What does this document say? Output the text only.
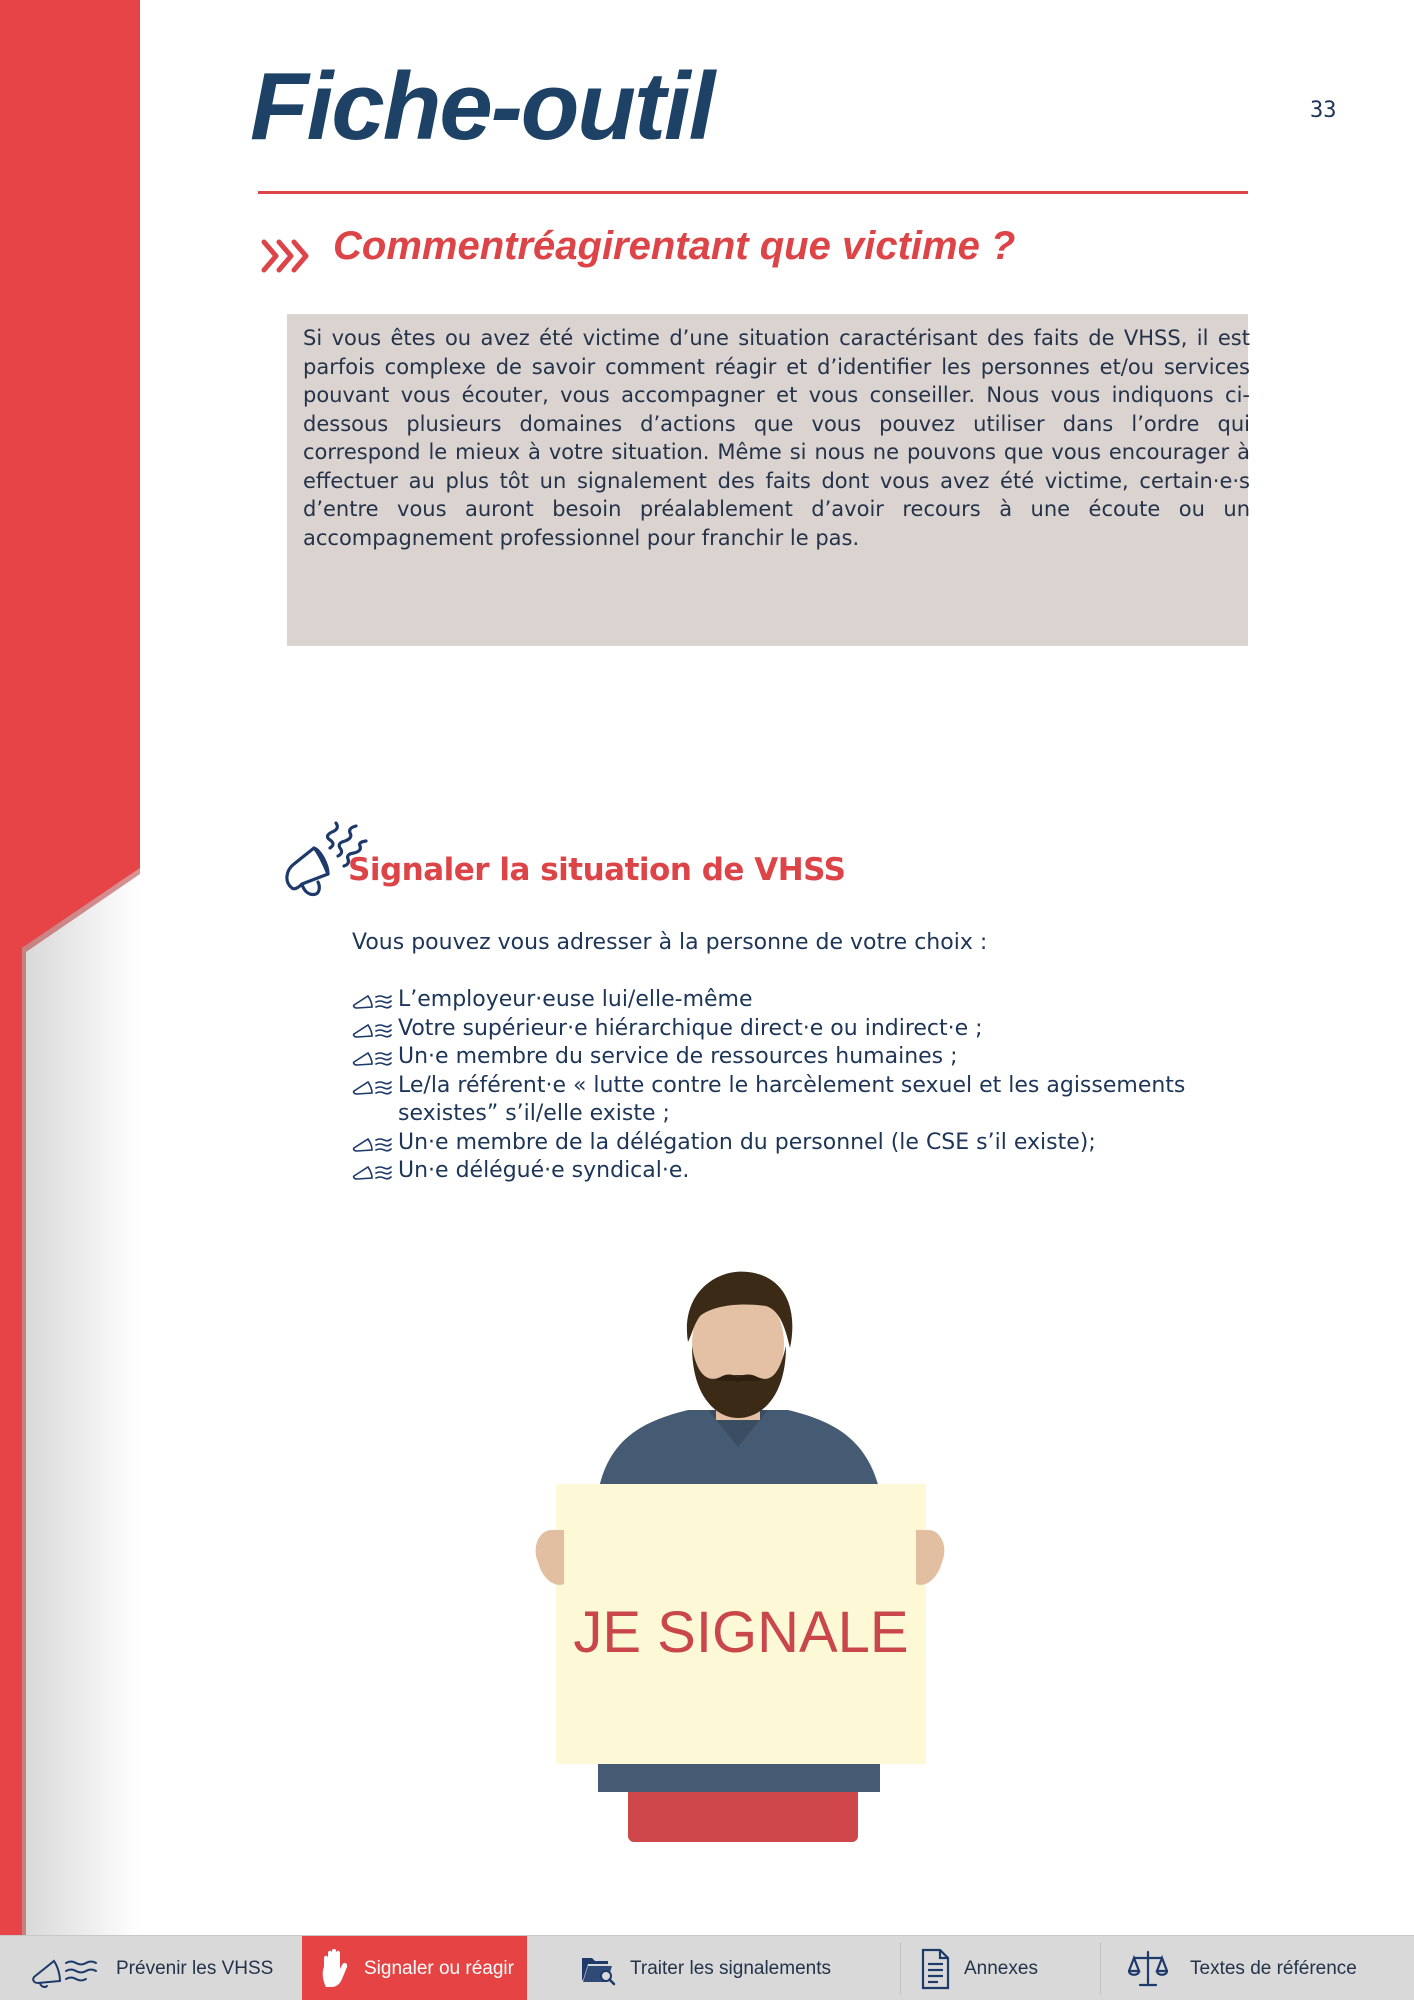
Fiche-outil	33
Commentréagirentant que victime ?

Si vous êtes ou avez été victime d’une situation caractérisant des faits de VHSS, il est parfois complexe de savoir comment réagir et d’identifier les personnes et/ou services pouvant vous écouter, vous accompagner et vous conseiller. Nous vous indiquons ci-dessous plusieurs domaines d’actions que vous pouvez utiliser dans l’ordre qui correspond le mieux à votre situation. Même si nous ne pouvons que vous encourager à effectuer au plus tôt un signalement des faits dont vous avez été victime, certain·e·s d’entre vous auront besoin préalablement d’avoir recours à une écoute ou un accompagnement professionnel pour franchir le pas.

Signaler la situation de VHSS
Vous pouvez vous adresser à la personne de votre choix :
L’employeur·euse lui/elle-même
Votre supérieur·e hiérarchique direct·e ou indirect·e ;
Un·e membre du service de ressources humaines ;
Le/la référent·e « lutte contre le harcèlement sexuel et les agissements sexistes” s’il/elle existe ;
Un·e membre de la délégation du personnel (le CSE s’il existe);
Un·e délégué·e syndical·e.
JE SIGNALE
Prévenir les VHSS	Signaler ou réagir	Traiter les signalements	Annexes	Textes de référence
